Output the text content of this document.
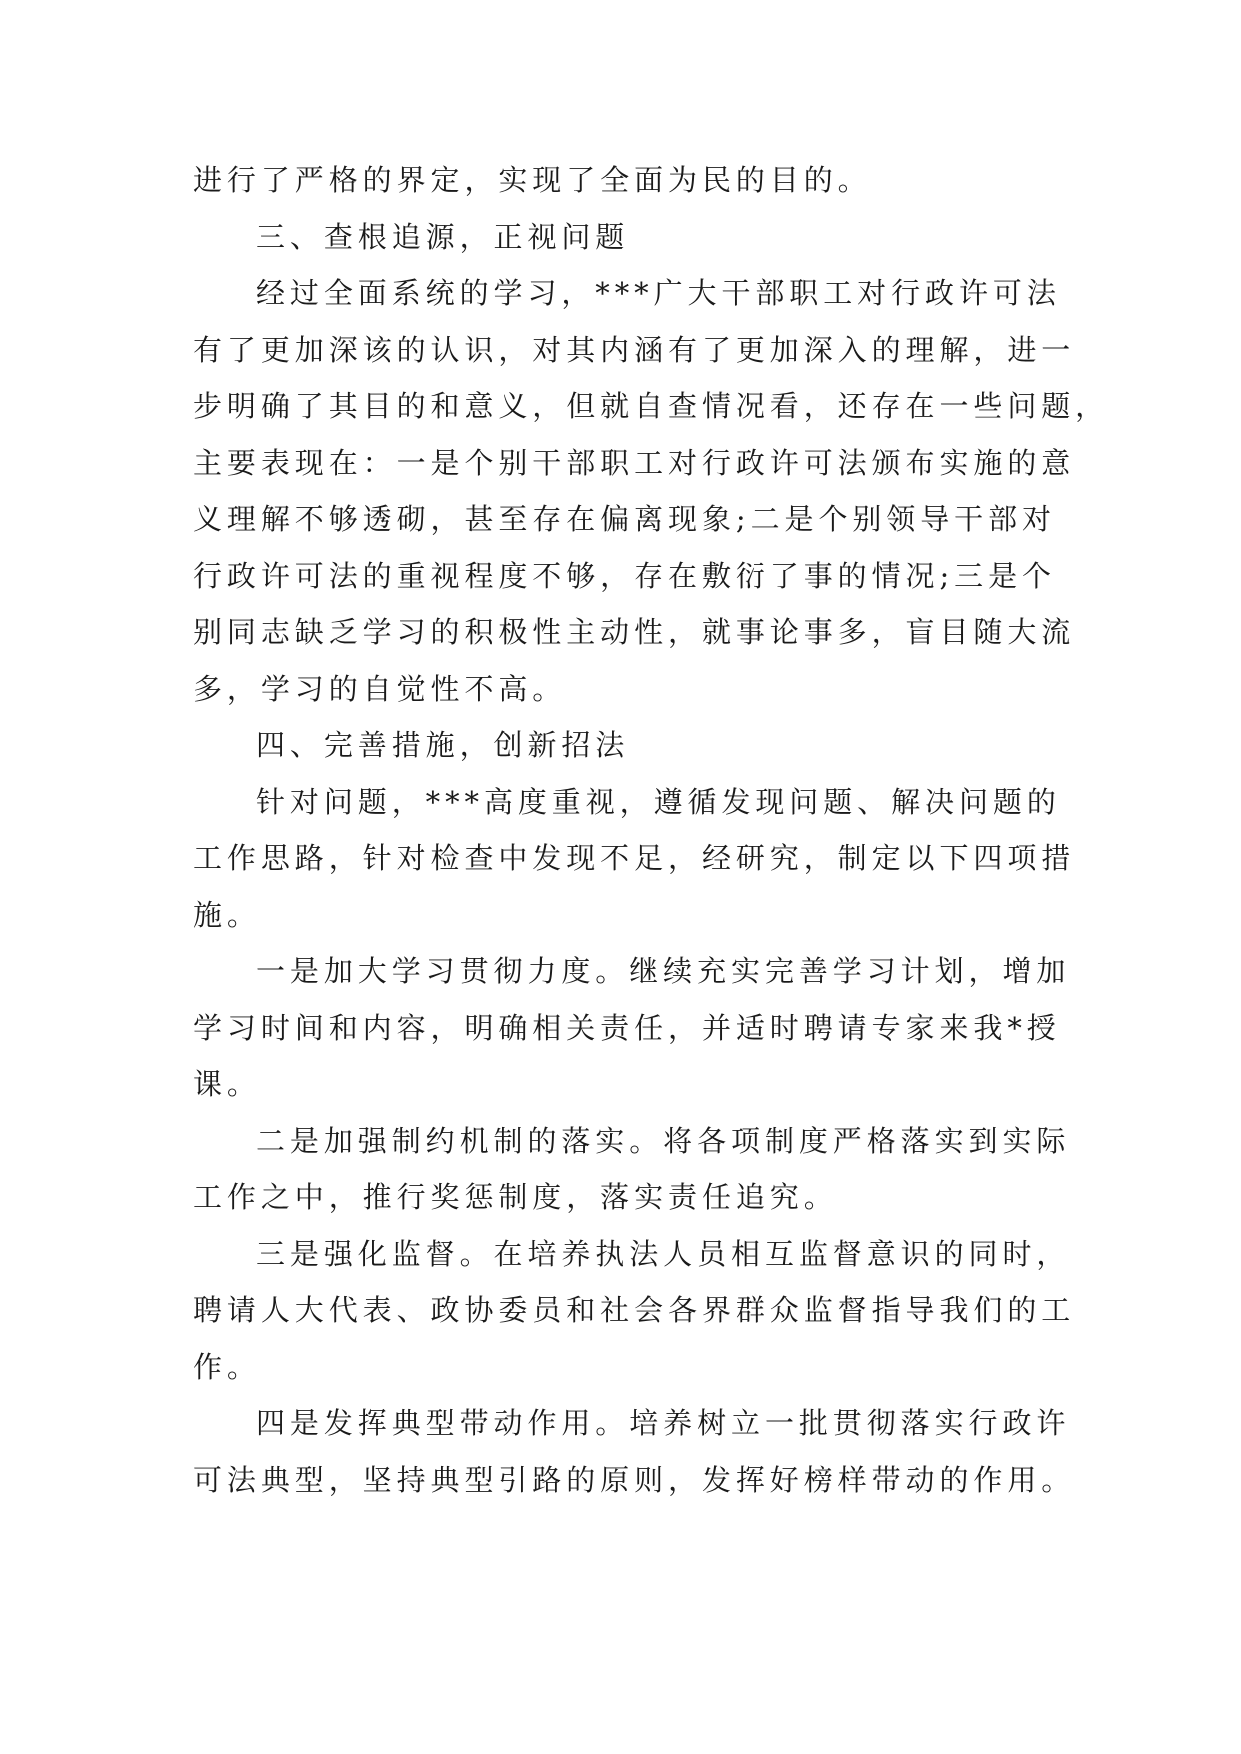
进行了严格的界定，实现了全面为民的目的。
三、查根追源，正视问题
经过全面系统的学习，***广大干部职工对行政许可法
有了更加深该的认识，对其内涵有了更加深入的理解，进一
步明确了其目的和意义，但就自查情况看，还存在一些问题，
主要表现在：一是个别干部职工对行政许可法颁布实施的意
义理解不够透砌，甚至存在偏离现象;二是个别领导干部对
行政许可法的重视程度不够，存在敷衍了事的情况;三是个
别同志缺乏学习的积极性主动性，就事论事多，盲目随大流
多，学习的自觉性不高。
四、完善措施，创新招法
针对问题，***高度重视，遵循发现问题、解决问题的
工作思路，针对检查中发现不足，经研究，制定以下四项措
施。
一是加大学习贯彻力度。继续充实完善学习计划，增加
学习时间和内容，明确相关责任，并适时聘请专家来我*授
课。
二是加强制约机制的落实。将各项制度严格落实到实际
工作之中，推行奖惩制度，落实责任追究。
三是强化监督。在培养执法人员相互监督意识的同时，
聘请人大代表、政协委员和社会各界群众监督指导我们的工
作。
四是发挥典型带动作用。培养树立一批贯彻落实行政许
可法典型，坚持典型引路的原则，发挥好榜样带动的作用。
